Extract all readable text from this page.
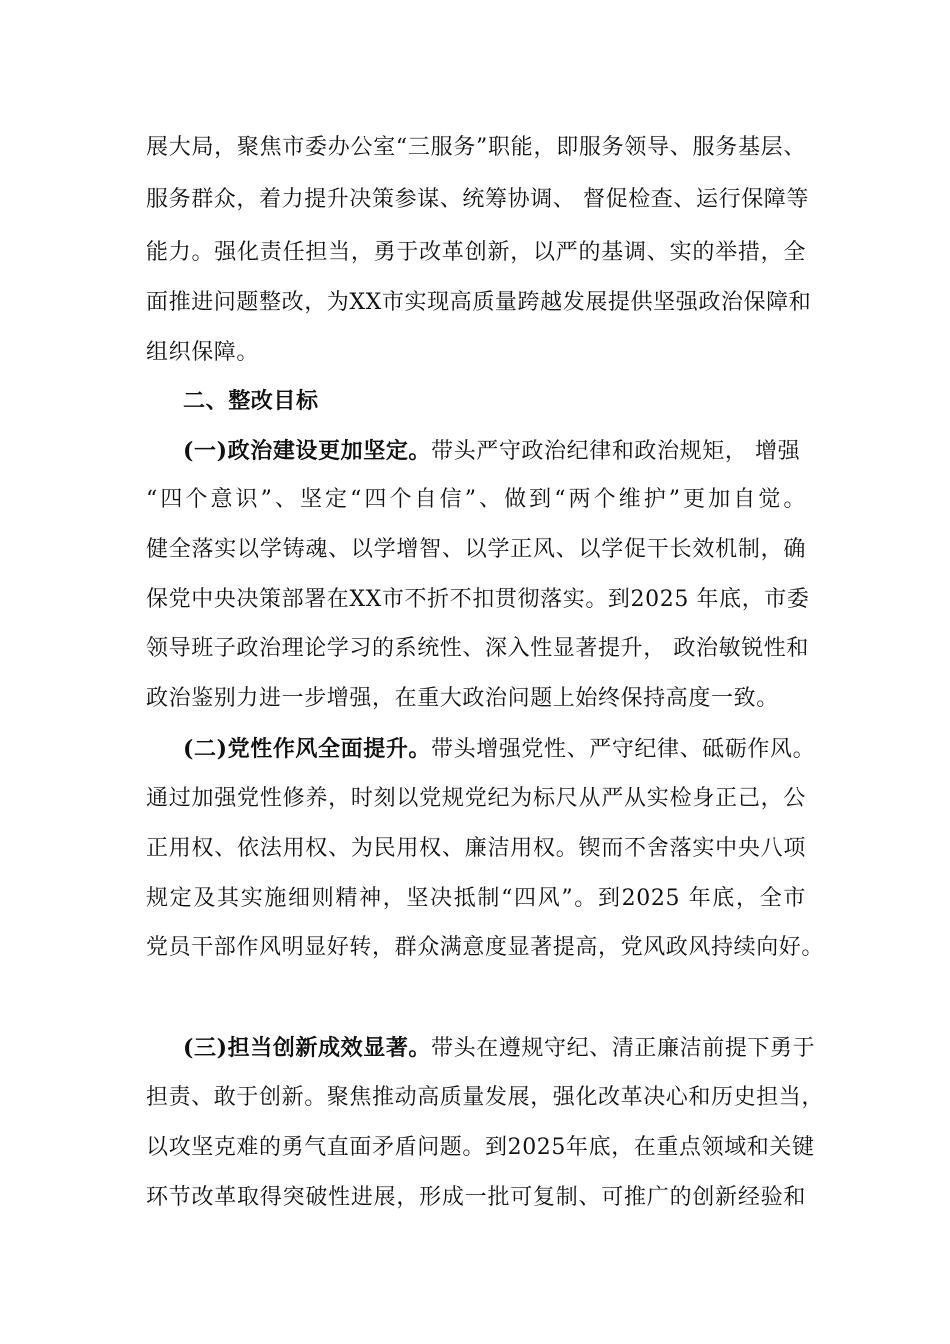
展大局，聚焦市委办公室“三服务”职能，即服务领导、服务基层、
服务群众，着力提升决策参谋、统筹协调、 督促检查、运行保障等
能力。强化责任担当，勇于改革创新，以严的基调、实的举措，全
面推进问题整改，为XX市实现高质量跨越发展提供坚强政治保障和
组织保障。
二、整改目标
(一)政治建设更加坚定。带头严守政治纪律和政治规矩， 增强
“四个意识”、坚定“四个自信”、做到“两个维护”更加自觉。
健全落实以学铸魂、以学增智、以学正风、以学促干长效机制，确
保党中央决策部署在XX市不折不扣贯彻落实。到2025 年底，市委
领导班子政治理论学习的系统性、深入性显著提升， 政治敏锐性和
政治鉴别力进一步增强，在重大政治问题上始终保持高度一致。
(二)党性作风全面提升。带头增强党性、严守纪律、砥砺作风。
通过加强党性修养，时刻以党规党纪为标尺从严从实检身正己，公
正用权、依法用权、为民用权、廉洁用权。锲而不舍落实中央八项
规定及其实施细则精神，坚决抵制“四风”。到2025 年底，全市
党员干部作风明显好转，群众满意度显著提高，党风政风持续向好。
(三)担当创新成效显著。带头在遵规守纪、清正廉洁前提下勇于
担责、敢于创新。聚焦推动高质量发展，强化改革决心和历史担当，
以攻坚克难的勇气直面矛盾问题。到2025年底，在重点领域和关键
环节改革取得突破性进展，形成一批可复制、可推广的创新经验和
